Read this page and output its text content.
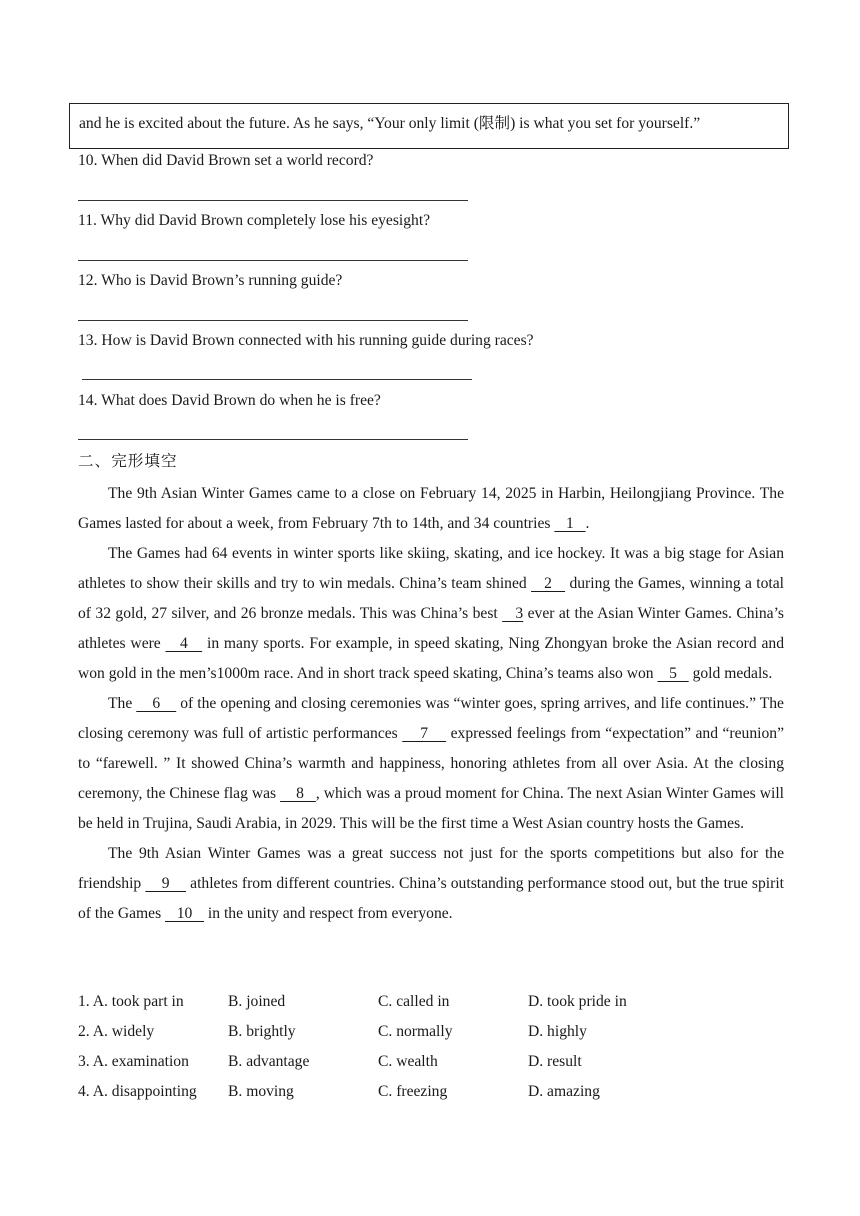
and he is excited about the future. As he says, “Your only limit (限制) is what you set for yourself.”
10. When did David Brown set a world record?
11. Why did David Brown completely lose his eyesight?
12. Who is David Brown’s running guide?
13. How is David Brown connected with his running guide during races?
14. What does David Brown do when he is free?
二、完形填空

The 9th Asian Winter Games came to a close on February 14, 2025 in Harbin, Heilongjiang Province. The Games lasted for about a week, from February 7th to 14th, and 34 countries    1   .

The Games had 64 events in winter sports like skiing, skating, and ice hockey. It was a big stage for Asian athletes to show their skills and try to win medals. China’s team shined    2    during the Games, winning a total of 32 gold, 27 silver, and 26 bronze medals. This was China’s best    3 ever at the Asian Winter Games. China’s athletes were    4    in many sports. For example, in speed skating, Ning Zhongyan broke the Asian record and won gold in the men’s1000m race. And in short track speed skating, China’s teams also won    5    gold medals.

The     6     of the opening and closing ceremonies was “winter goes, spring arrives, and life continues.” The closing ceremony was full of artistic performances     7     expressed feelings from “expectation” and “reunion” to “farewell. ” It showed China’s warmth and happiness, honoring athletes from all over Asia. At the closing ceremony, the Chinese flag was     8   , which was a proud moment for China. The next Asian Winter Games will be held in Trujina, Saudi Arabia, in 2029. This will be the first time a West Asian country hosts the Games.

The 9th Asian Winter Games was a great success not just for the sports competitions but also for the friendship     9     athletes from different countries. China’s outstanding performance stood out, but the true spirit of the Games    10    in the unity and respect from everyone.

1. A. took part in	B. joined	C. called in	D. took pride in
2. A. widely	B. brightly	C. normally	D. highly
3. A. examination	B. advantage	C. wealth	D. result
4. A. disappointing B. moving	C. freezing	D. amazing
